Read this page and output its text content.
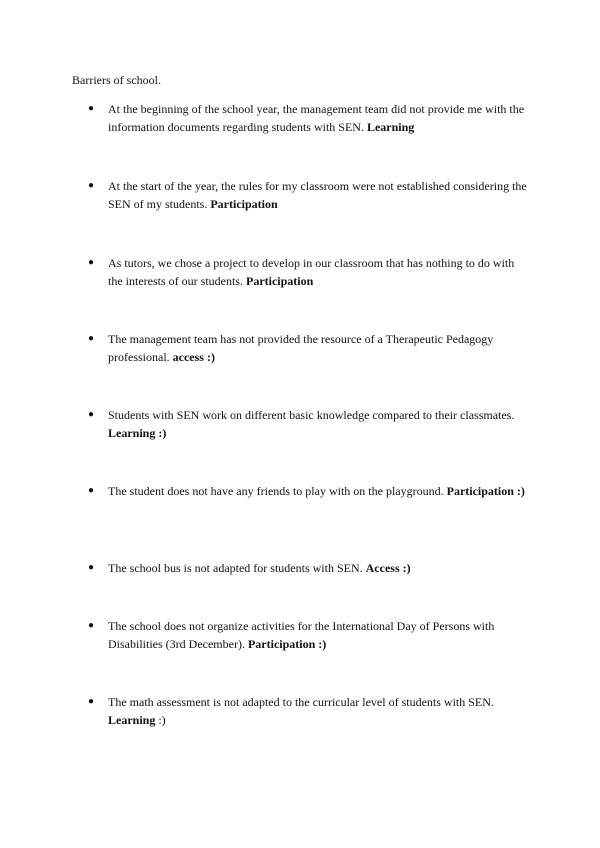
Barriers of school.
●	At the beginning of the school year, the management team did not provide me with the information documents regarding students with SEN. Learning
●	At the start of the year, the rules for my classroom were not established considering the SEN of my students. Participation
●	As tutors, we chose a project to develop in our classroom that has nothing to do with the interests of our students. Participation
●	The management team has not provided the resource of a Therapeutic Pedagogy professional. access :)
●	Students with SEN work on different basic knowledge compared to their classmates. Learning :)
●	The student does not have any friends to play with on the playground. Participation :)
●	The school bus is not adapted for students with SEN. Access :)
●	The school does not organize activities for the International Day of Persons with Disabilities (3rd December). Participation :)
●	The math assessment is not adapted to the curricular level of students with SEN. Learning :)
